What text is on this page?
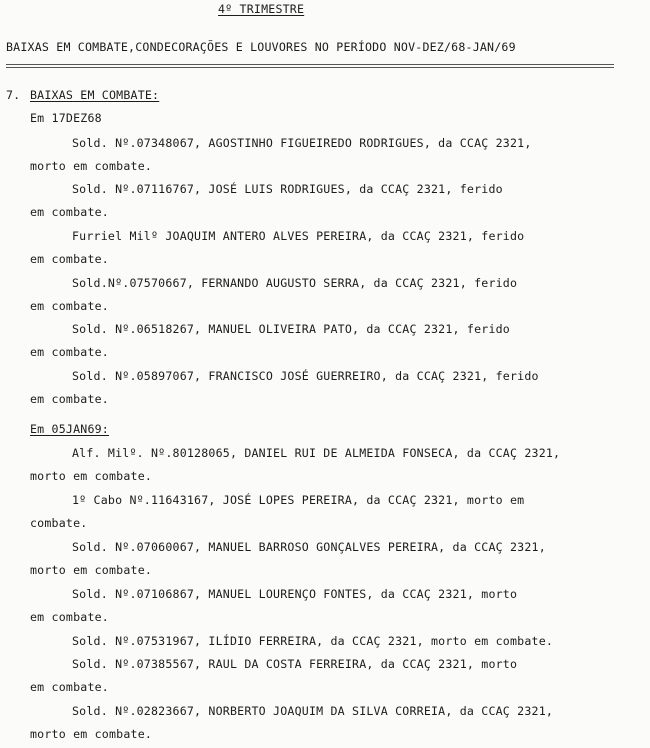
4º TRIMESTRE
BAIXAS EM COMBATE,CONDECORAÇÕES E LOUVORES NO PERÍODO NOV-DEZ/68-JAN/69
7. BAIXAS EM COMBATE:
Em 17DEZ68
Sold. Nº.07348067, AGOSTINHO FIGUEIREDO RODRIGUES, da CCAÇ 2321,
morto em combate.
Sold. Nº.07116767, JOSÉ LUIS RODRIGUES, da CCAÇ 2321, ferido
em combate.
Furriel Milº JOAQUIM ANTERO ALVES PEREIRA, da CCAÇ 2321, ferido
em combate.
Sold.Nº.07570667, FERNANDO AUGUSTO SERRA, da CCAÇ 2321, ferido
em combate.
Sold. Nº.06518267, MANUEL OLIVEIRA PATO, da CCAÇ 2321, ferido
em combate.
Sold. Nº.05897067, FRANCISCO JOSÉ GUERREIRO, da CCAÇ 2321, ferido
em combate.
Em 05JAN69:
Alf. Milº. Nº.80128065, DANIEL RUI DE ALMEIDA FONSECA, da CCAÇ 2321,
morto em combate.
1º Cabo Nº.11643167, JOSÉ LOPES PEREIRA, da CCAÇ 2321, morto em
combate.
Sold. Nº.07060067, MANUEL BARROSO GONÇALVES PEREIRA, da CCAÇ 2321,
morto em combate.
Sold. Nº.07106867, MANUEL LOURENÇO FONTES, da CCAÇ 2321, morto
em combate.
Sold. Nº.07531967, ILÍDIO FERREIRA, da CCAÇ 2321, morto em combate.
Sold. Nº.07385567, RAUL DA COSTA FERREIRA, da CCAÇ 2321, morto
em combate.
Sold. Nº.02823667, NORBERTO JOAQUIM DA SILVA CORREIA, da CCAÇ 2321,
morto em combate.
